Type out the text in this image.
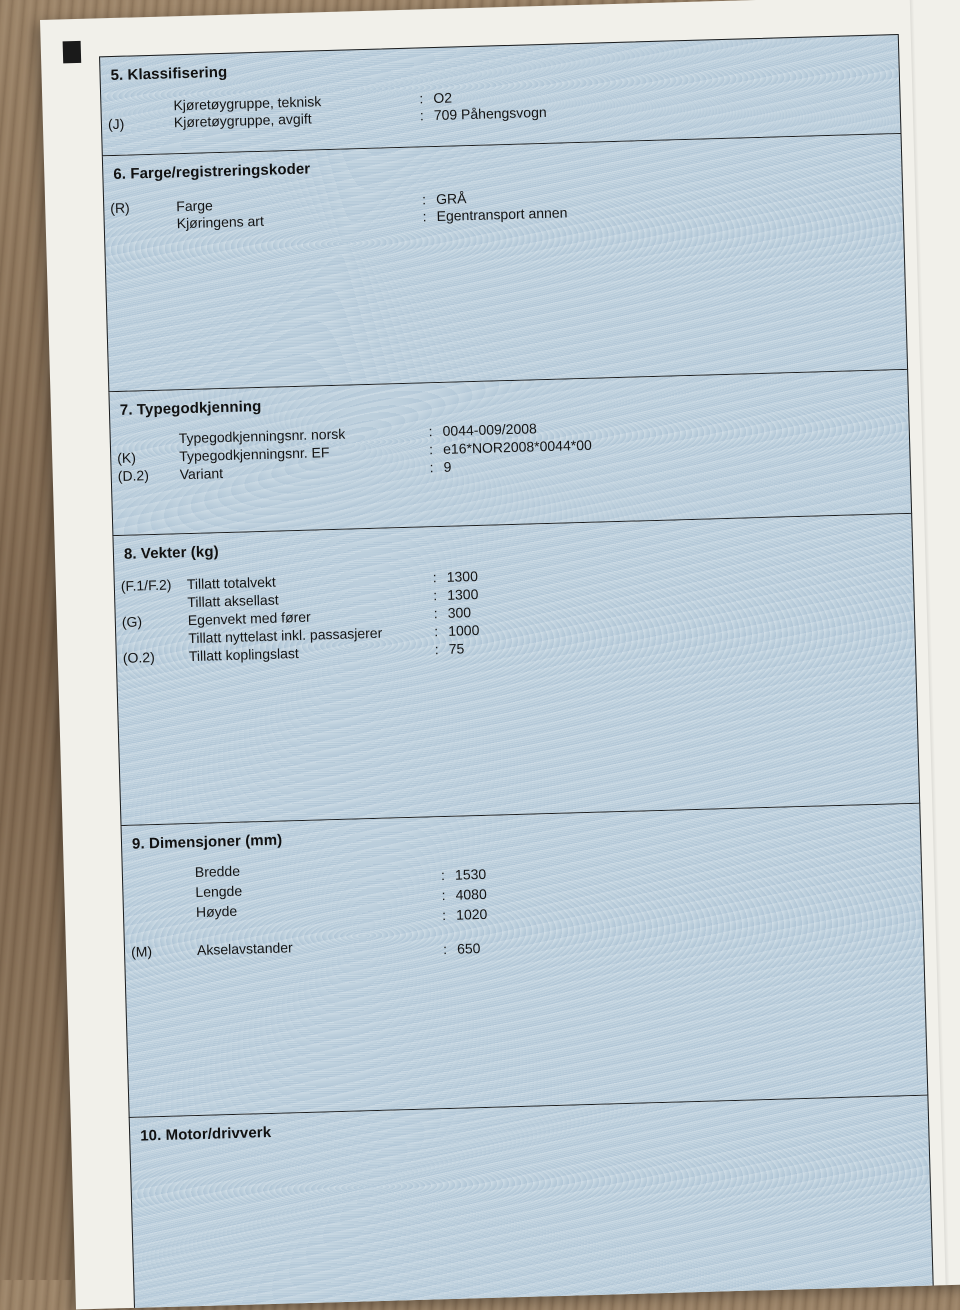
5. Klassifisering
Kjøretøygruppe, teknisk	: O2
(J)	Kjøretøygruppe, avgift	: 709 Påhengsvogn
6. Farge/registreringskoder
(R)	Farge	: GRÅ
Kjøringens art	: Egentransport annen
7. Typegodkjenning
Typegodkjenningsnr. norsk	: 0044-009/2008
(K)	Typegodkjenningsnr. EF	: e16*NOR2008*0044*00
(D.2) Variant	: 9
8. Vekter (kg)
(F.1/F.2) Tillatt totalvekt	: 1300
Tillatt aksellast	: 1300
(G)	Egenvekt med fører	: 300
Tillatt nyttelast inkl. passasjerer	: 1000
(O.2) Tillatt koplingslast	: 75
9. Dimensjoner (mm)
Bredde	: 1530
Lengde	: 4080
Høyde	: 1020
(M)	Akselavstander	: 650
10. Motor/drivverk
